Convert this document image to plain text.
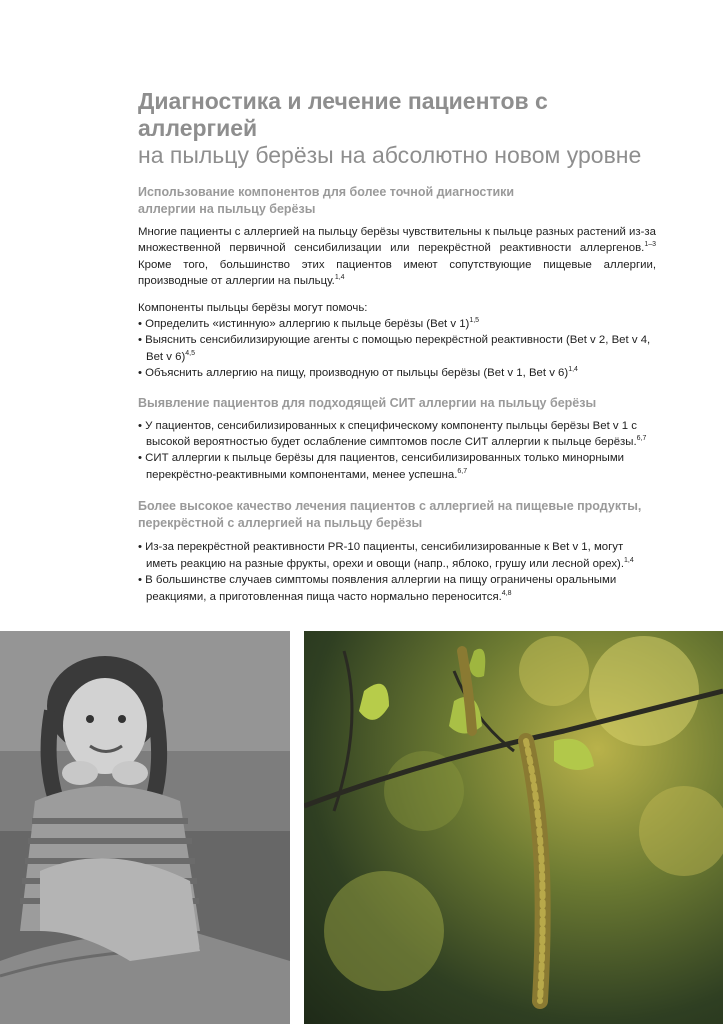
Диагностика и лечение пациентов с аллергией
на пыльцу берёзы на абсолютно новом уровне
Использование компонентов для более точной диагностики
аллергии на пыльцу берёзы

Многие пациенты с аллергией на пыльцу берёзы чувствительны к пыльце разных растений из-за множественной первичной сенсибилизации или перекрёстной реактивности аллергенов.$^{1-3}$ Кроме того, большинство этих пациентов имеют сопутствующие пищевые аллергии, производные от аллергии на пыльцу.$^{1,4}$

Компоненты пыльцы берёзы могут помочь:
• Определить «истинную» аллергию к пыльце берёзы (Bet v 1)$^{1,5}$
• Выяснить сенсибилизирующие агенты с помощью перекрёстной реактивности (Bet v 2, Bet v 4, Bet v 6)$^{4,5}$
• Объяснить аллергию на пищу, производную от пыльцы берёзы (Bet v 1, Bet v 6)$^{1,4}$
Выявление пациентов для подходящей СИТ аллергии на пыльцу берёзы
• У пациентов, сенсибилизированных к специфическому компоненту пыльцы берёзы Bet v 1 с высокой вероятностью будет ослабление симптомов после СИТ аллергии к пыльце берёзы.$^{6,7}$
• СИТ аллергии к пыльце берёзы для пациентов, сенсибилизированных только минорными перекрёстно-реактивными компонентами, менее успешна.$^{6,7}$
Более высокое качество лечения пациентов с аллергией на пищевые продукты,
перекрёстной с аллергией на пыльцу берёзы
• Из-за перекрёстной реактивности PR-10 пациенты, сенсибилизированные к Bet v 1, могут иметь реакцию на разные фрукты, орехи и овощи (напр., яблоко, грушу или лесной орех).$^{1,4}$
• В большинстве случаев симптомы появления аллергии на пищу ограничены оральными реакциями, а приготовленная пища часто нормально переносится.$^{4,8}$
